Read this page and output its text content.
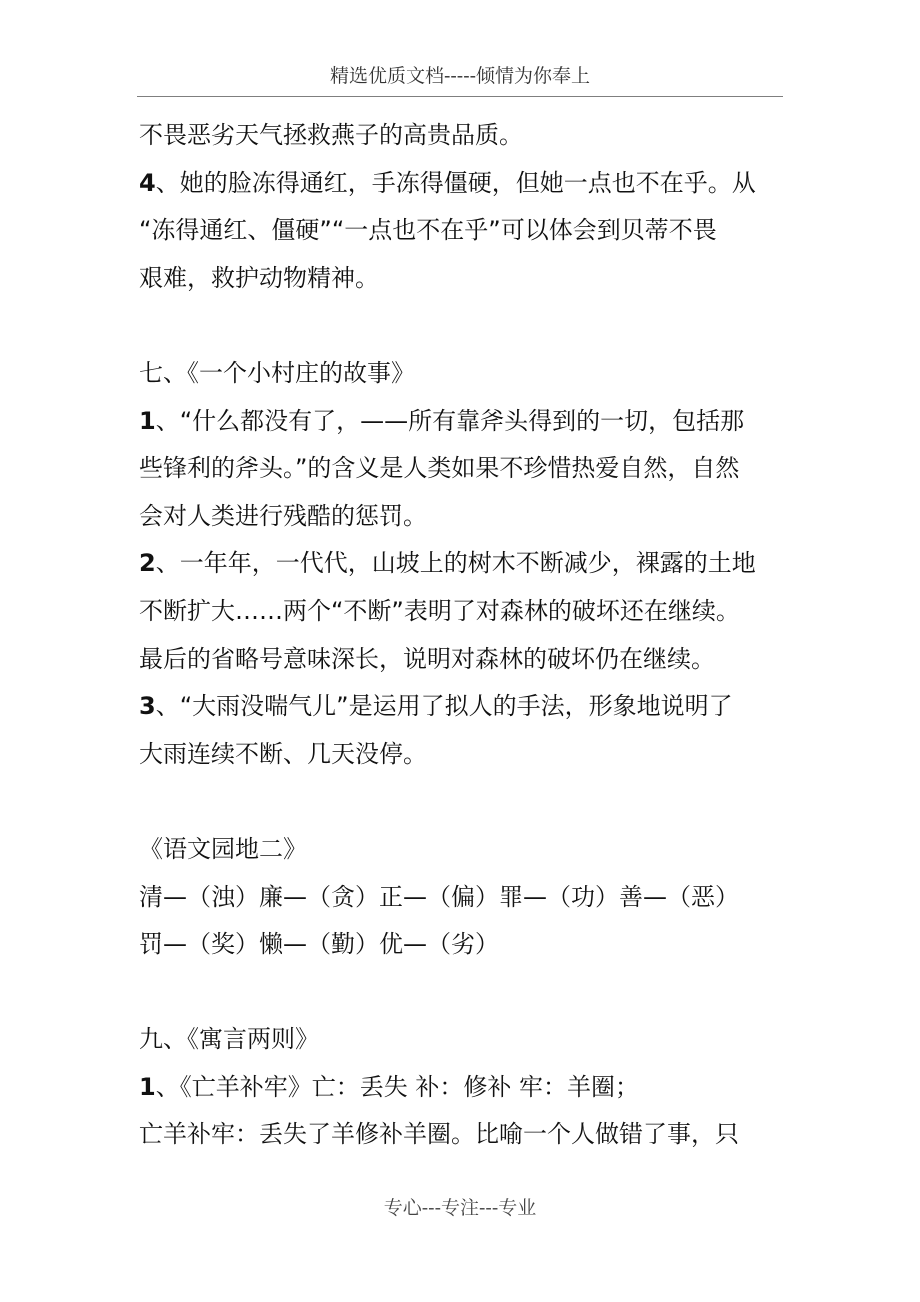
精选优质文档-----倾情为你奉上
不畏恶劣天气拯救燕子的高贵品质。
4、她的脸冻得通红，手冻得僵硬，但她一点也不在乎。从
“冻得通红、僵硬”“一点也不在乎”可以体会到贝蒂不畏
艰难，救护动物精神。
七、《一个小村庄的故事》
1、“什么都没有了，——所有靠斧头得到的一切，包括那
些锋利的斧头。”的含义是人类如果不珍惜热爱自然，自然
会对人类进行残酷的惩罚。
2、一年年，一代代，山坡上的树木不断减少，裸露的土地
不断扩大……两个“不断”表明了对森林的破坏还在继续。
最后的省略号意味深长，说明对森林的破坏仍在继续。
3、“大雨没喘气儿”是运用了拟人的手法，形象地说明了
大雨连续不断、几天没停。
《语文园地二》
清—（浊）廉—（贪）正—（偏）罪—（功）善—（恶）
罚—（奖）懒—（勤）优—（劣）
九、《寓言两则》
1、《亡羊补牢》亡：丢失 补：修补 牢：羊圈；
亡羊补牢：丢失了羊修补羊圈。比喻一个人做错了事，只
专心---专注---专业
